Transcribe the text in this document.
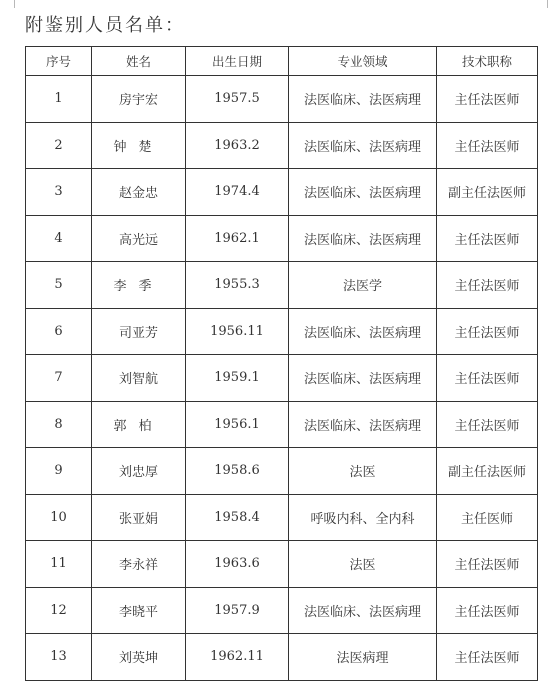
附鉴别人员名单：
序号	姓名	出生日期	专业领域	技术职称
1	房宇宏	1957.5	法医临床、法医病理	主任法医师
2	钟楚	1963.2	法医临床、法医病理	主任法医师
3	赵金忠	1974.4	法医临床、法医病理	副主任法医师
4	高光远	1962.1	法医临床、法医病理	主任法医师
5	李季	1955.3	法医学	主任法医师
6	司亚芳	1956.11	法医临床、法医病理	主任法医师
7	刘智航	1959.1	法医临床、法医病理	主任法医师
8	郭柏	1956.1	法医临床、法医病理	主任法医师
9	刘忠厚	1958.6	法医	副主任法医师
10	张亚娟	1958.4	呼吸内科、全内科	主任医师
11	李永祥	1963.6	法医	主任法医师
12	李晓平	1957.9	法医临床、法医病理	主任法医师
13	刘英坤	1962.11	法医病理	主任法医师
